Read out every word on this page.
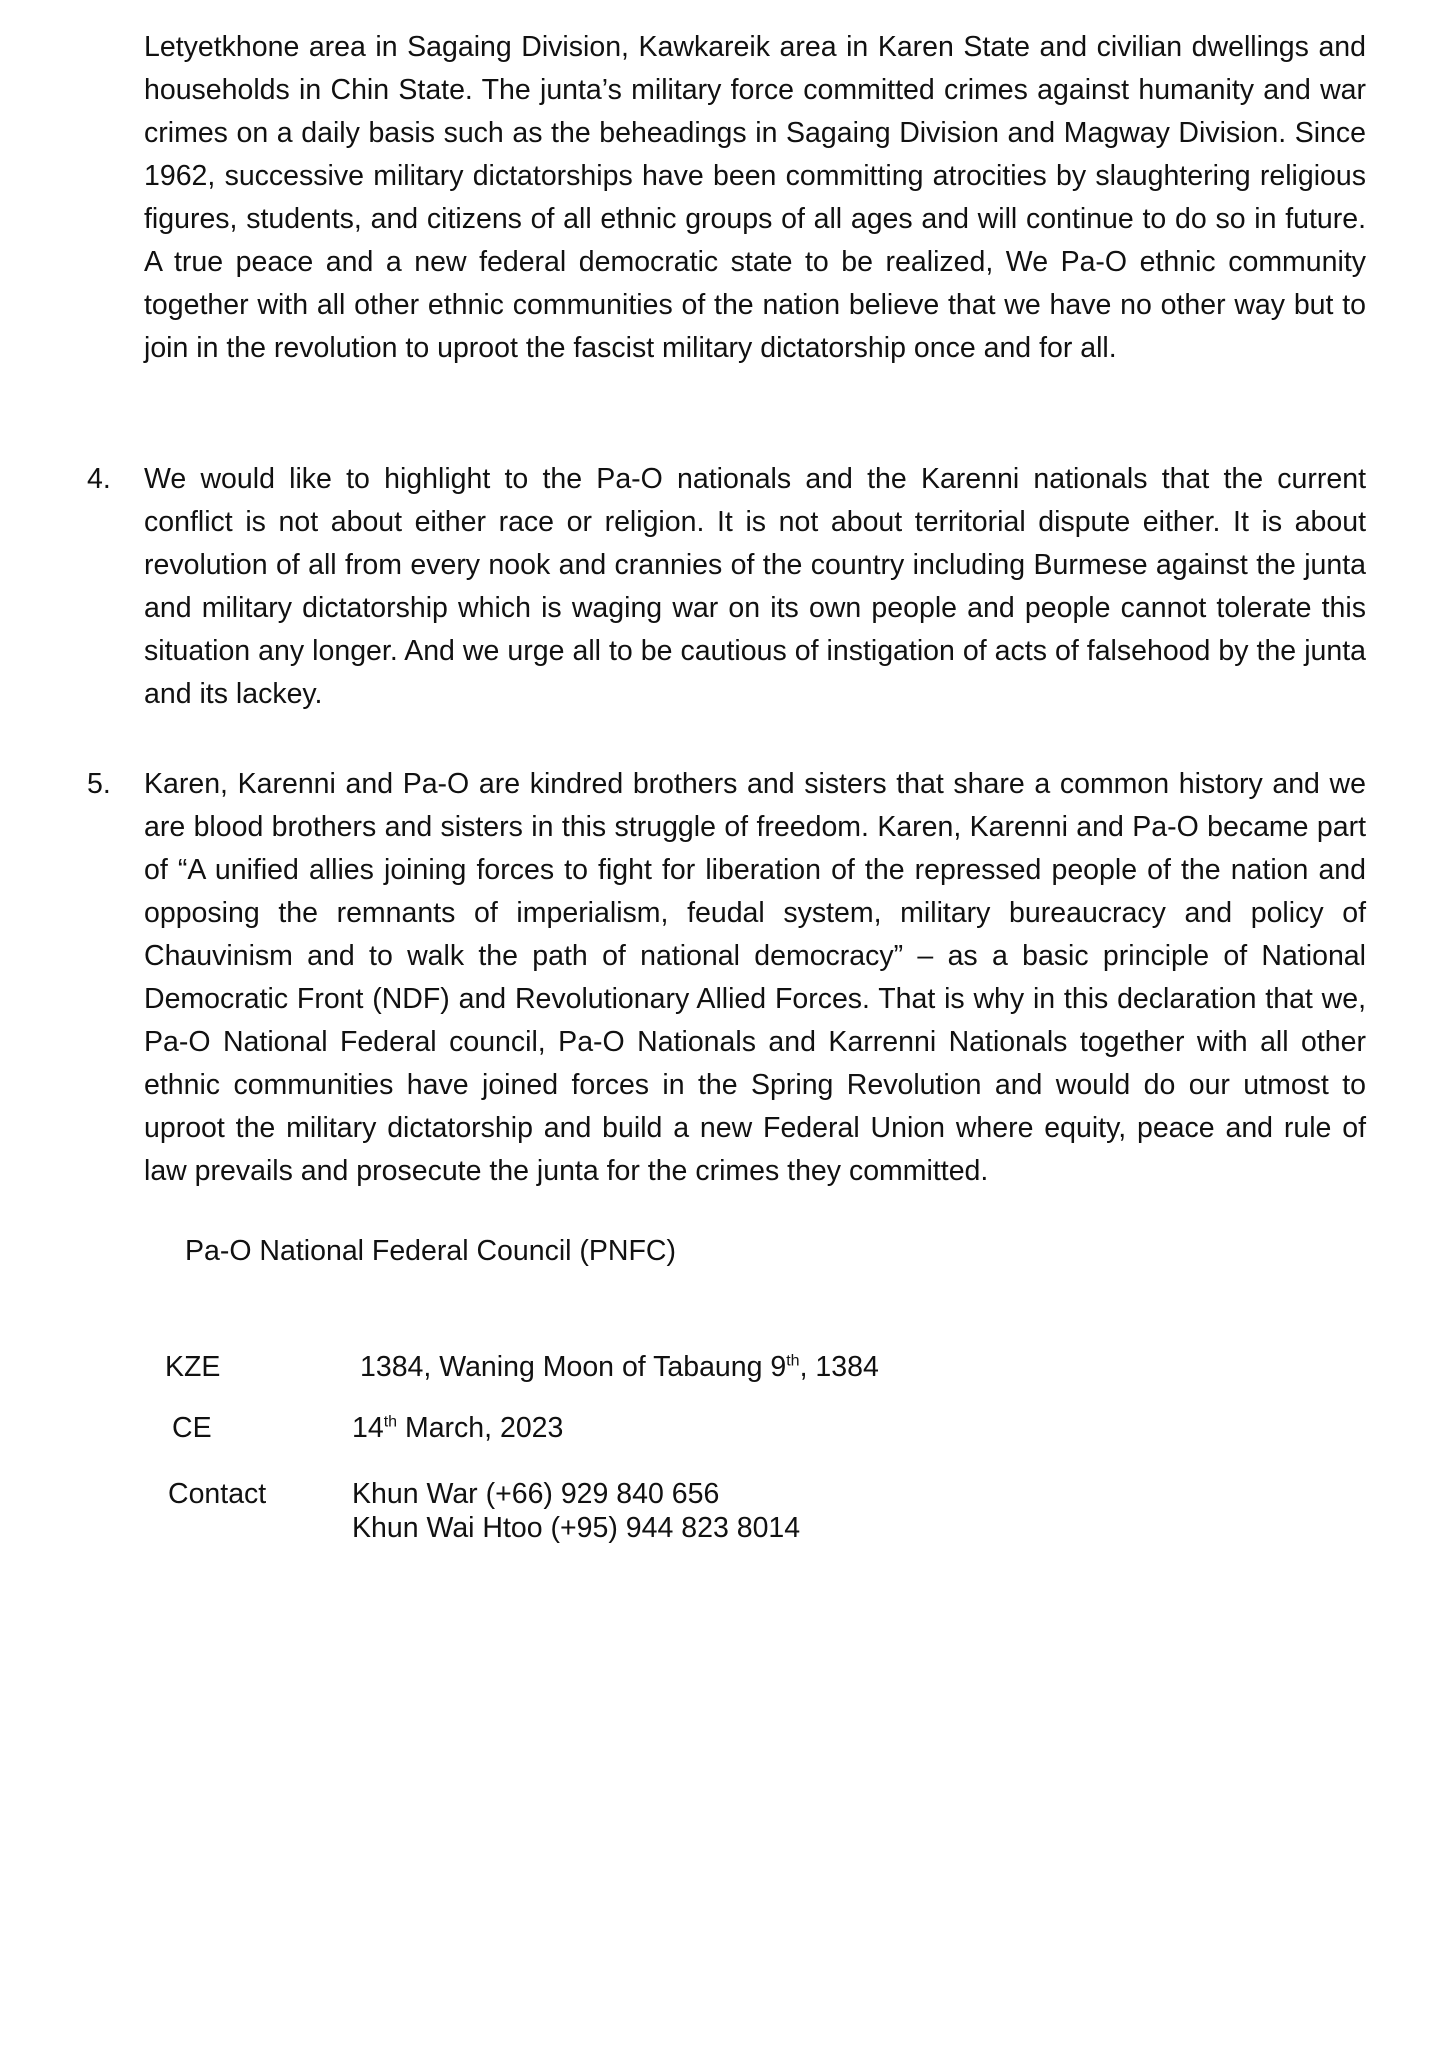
Letyetkhone area in Sagaing Division, Kawkareik area in Karen State and civilian dwellings and households in Chin State. The junta’s military force committed crimes against humanity and war crimes on a daily basis such as the beheadings in Sagaing Division and Magway Division. Since 1962, successive military dictatorships have been committing atrocities by slaughtering religious figures, students, and citizens of all ethnic groups of all ages and will continue to do so in future. A true peace and a new federal democratic state to be realized, We Pa-O ethnic community together with all other ethnic communities of the nation believe that we have no other way but to join in the revolution to uproot the fascist military dictatorship once and for all.

4. We would like to highlight to the Pa-O nationals and the Karenni nationals that the current conflict is not about either race or religion. It is not about territorial dispute either. It is about revolution of all from every nook and crannies of the country including Burmese against the junta and military dictatorship which is waging war on its own people and people cannot tolerate this situation any longer. And we urge all to be cautious of instigation of acts of falsehood by the junta and its lackey.

5. Karen, Karenni and Pa-O are kindred brothers and sisters that share a common history and we are blood brothers and sisters in this struggle of freedom. Karen, Karenni and Pa-O became part of “A unified allies joining forces to fight for liberation of the repressed people of the nation and opposing the remnants of imperialism, feudal system, military bureaucracy and policy of Chauvinism and to walk the path of national democracy” – as a basic principle of National Democratic Front (NDF) and Revolutionary Allied Forces. That is why in this declaration that we, Pa-O National Federal council, Pa-O Nationals and Karrenni Nationals together with all other ethnic communities have joined forces in the Spring Revolution and would do our utmost to uproot the military dictatorship and build a new Federal Union where equity, peace and rule of law prevails and prosecute the junta for the crimes they committed.

Pa-O National Federal Council (PNFC)

KZE	1384, Waning Moon of Tabaung 9th, 1384

CE	14th March, 2023

Contact	Khun War (+66) 929 840 656

Khun Wai Htoo (+95) 944 823 8014
